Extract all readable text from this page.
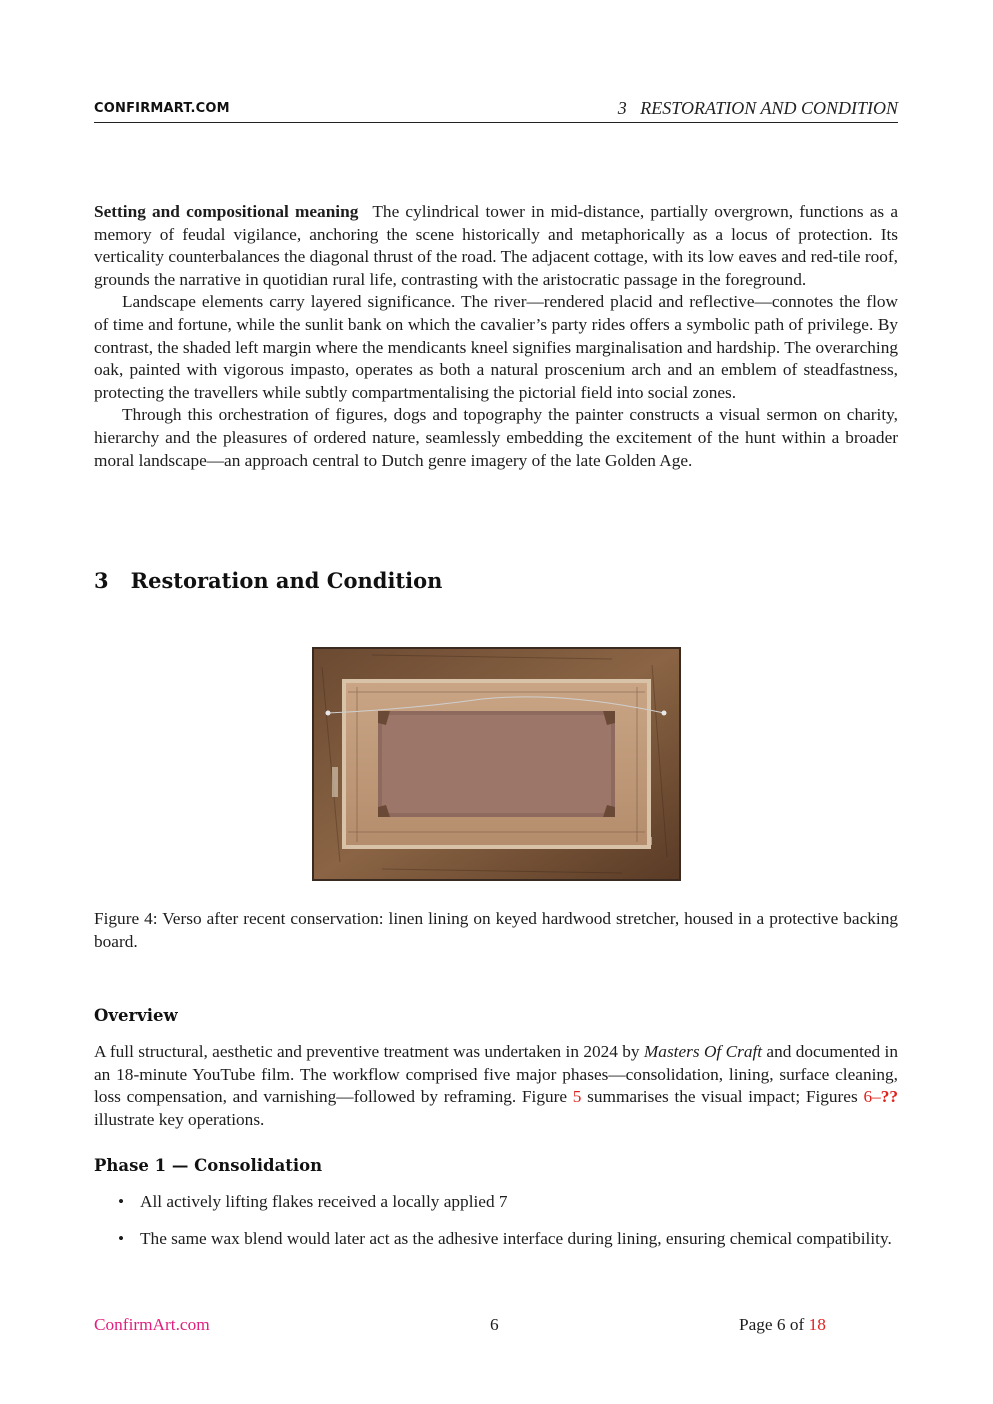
CONFIRMART.COM	3   RESTORATION AND CONDITION

Setting and compositional meaning The cylindrical tower in mid-distance, partially overgrown, functions as a memory of feudal vigilance, anchoring the scene historically and metaphorically as a locus of protection. Its verticality counterbalances the diagonal thrust of the road. The adjacent cottage, with its low eaves and red-tile roof, grounds the narrative in quotidian rural life, contrasting with the aristocratic passage in the foreground.

Landscape elements carry layered significance. The river—rendered placid and reflective—connotes the flow of time and fortune, while the sunlit bank on which the cavalier’s party rides offers a symbolic path of privilege. By contrast, the shaded left margin where the mendicants kneel signifies marginalisation and hardship. The overarching oak, painted with vigorous impasto, operates as both a natural proscenium arch and an emblem of steadfastness, protecting the travellers while subtly compartmentalising the pictorial field into social zones.

Through this orchestration of figures, dogs and topography the painter constructs a visual sermon on charity, hierarchy and the pleasures of ordered nature, seamlessly embedding the excitement of the hunt within a broader moral landscape—an approach central to Dutch genre imagery of the late Golden Age.

3 Restoration and Condition
Figure 4: Verso after recent conservation: linen lining on keyed hardwood stretcher, housed in a protective backing board.
Overview

A full structural, aesthetic and preventive treatment was undertaken in 2024 by Masters Of Craft and documented in an 18-minute YouTube film. The workflow comprised five major phases—consolidation, lining, surface cleaning, loss compensation, and varnishing—followed by reframing. Figure 5 summarises the visual impact; Figures 6–?? illustrate key operations.

Phase 1 — Consolidation
• All actively lifting flakes received a locally applied 7
• The same wax blend would later act as the adhesive interface during lining, ensuring chemical compatibility.
ConfirmArt.com	6	Page 6 of 18
